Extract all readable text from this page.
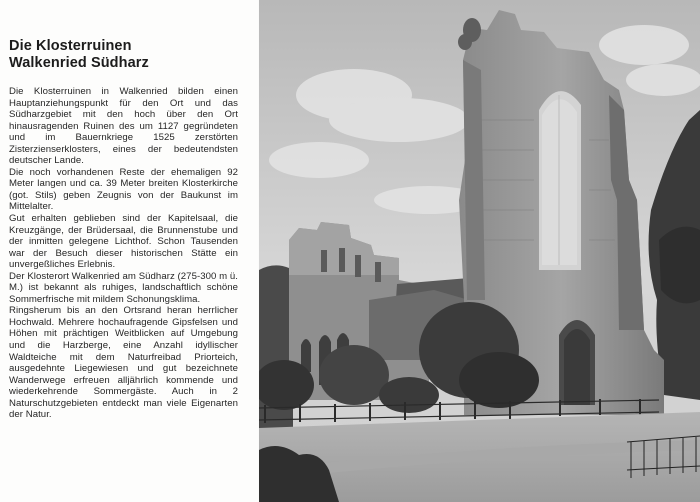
Die Klosterruinen
Walkenried Südharz

Die Klosterruinen in Walkenried bilden einen Hauptanziehungspunkt für den Ort und das Südharzgebiet mit den hoch über den Ort hinausragenden Ruinen des um 1127 gegründeten und im Bauernkriege 1525 zerstörten Zisterzienserklosters, eines der bedeutendsten deutscher Lande.

Die noch vorhandenen Reste der ehemaligen 92 Meter langen und ca. 39 Meter breiten Klosterkirche (got. Stils) geben Zeugnis von der Baukunst im Mittelalter.

Gut erhalten geblieben sind der Kapitelsaal, die Kreuzgänge, der Brüdersaal, die Brunnenstube und der inmitten gelegene Lichthof. Schon Tausenden war der Besuch dieser historischen Stätte ein unvergeßliches Erlebnis.

Der Klosterort Walkenried am Südharz (275-300 m ü. M.) ist bekannt als ruhiges, landschaftlich schöne Sommerfrische mit mildem Schonungsklima.

Ringsherum bis an den Ortsrand heran herrlicher Hochwald. Mehrere hochaufragende Gipsfelsen und Höhen mit prächtigen Weitblicken auf Umgebung und die Harzberge, eine Anzahl idyllischer Waldteiche mit dem Naturfreibad Priorteich, ausgedehnte Liegewiesen und gut bezeichnete Wanderwege erfreuen alljährlich kommende und wiederkehrende Sommergäste. Auch in 2 Naturschutzgebieten entdeckt man viele Eigenarten der Natur.
